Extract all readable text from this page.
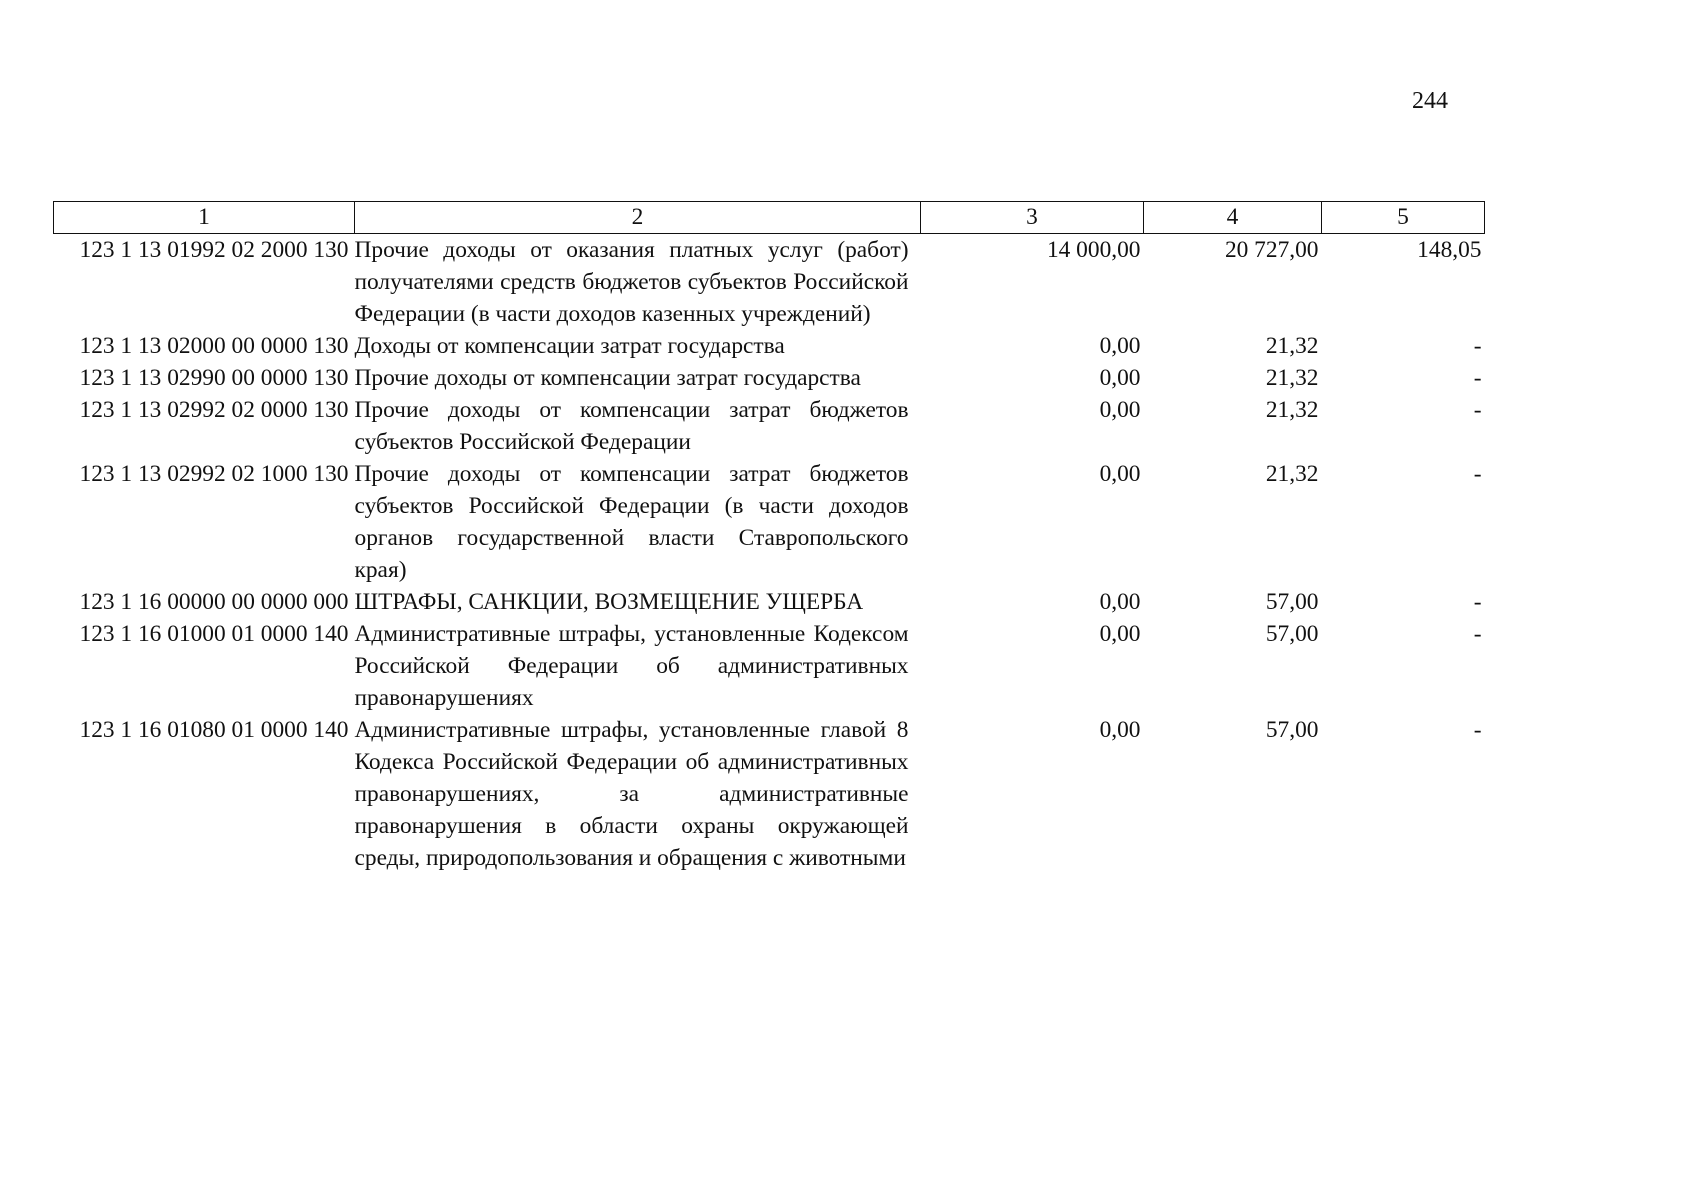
244
1	2	3	4	5
123 1 13 01992 02 2000 130	Прочие доходы от оказания платных услуг (работ) получателями средств бюджетов субъектов Российской Федерации (в части доходов казенных учреждений)	14 000,00	20 727,00	148,05
123 1 13 02000 00 0000 130	Доходы от компенсации затрат государства	0,00	21,32	-
123 1 13 02990 00 0000 130	Прочие доходы от компенсации затрат государства	0,00	21,32	-
123 1 13 02992 02 0000 130	Прочие доходы от компенсации затрат бюджетов субъектов Российской Федерации	0,00	21,32	-
123 1 13 02992 02 1000 130	Прочие доходы от компенсации затрат бюджетов субъектов Российской Федерации (в части доходов органов государственной власти Ставропольского края)	0,00	21,32	-
123 1 16 00000 00 0000 000	ШТРАФЫ, САНКЦИИ, ВОЗМЕЩЕНИЕ УЩЕРБА	0,00	57,00	-
123 1 16 01000 01 0000 140	Административные штрафы, установленные Кодексом Российской Федерации об административных правонарушениях	0,00	57,00	-
123 1 16 01080 01 0000 140	Административные штрафы, установленные главой 8 Кодекса Российской Федерации об административных правонарушениях, за административные правонарушения в области охраны окружающей среды, природопользования и обращения с животными	0,00	57,00	-
